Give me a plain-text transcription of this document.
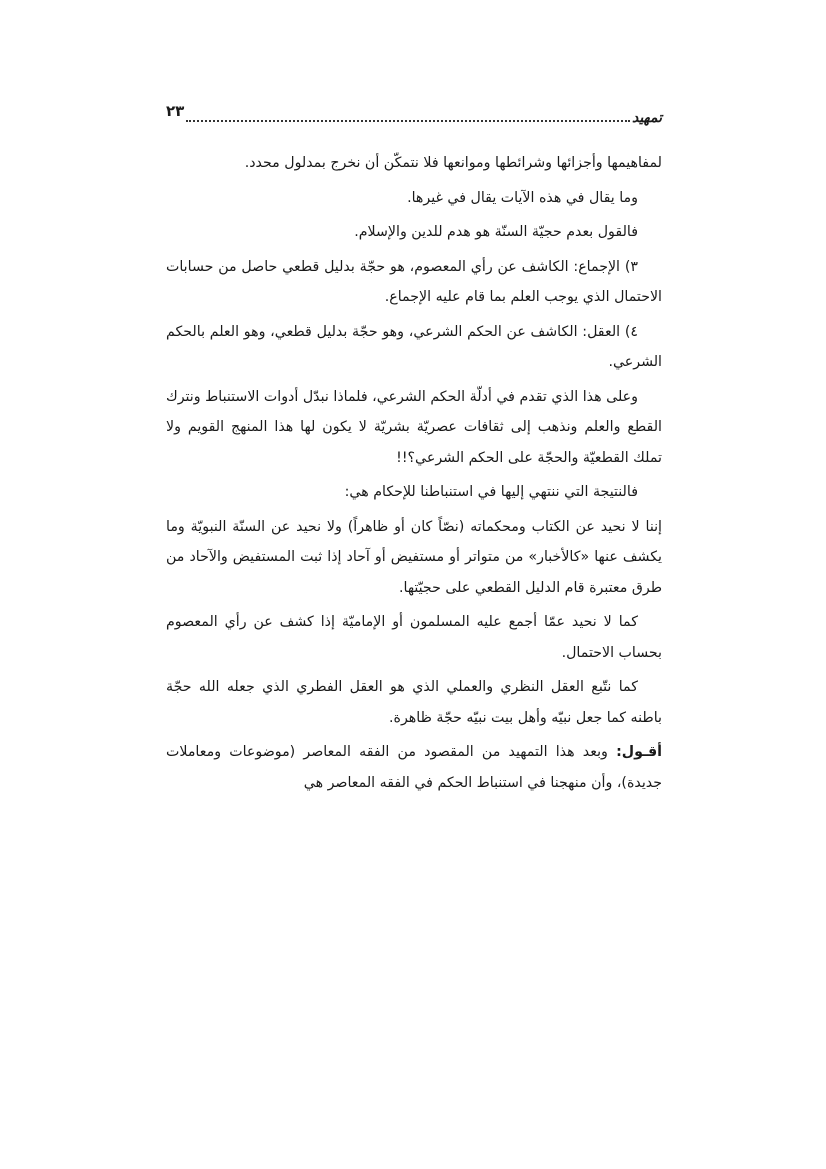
تمهيد
٢٣

لمفاهيمها وأجزائها وشرائطها وموانعها فلا نتمكّن أن نخرج بمدلول محدد.

وما يقال في هذه الآيات يقال في غيرها.

فالقول بعدم حجيّة السنّة هو هدم للدين والإسلام.

٣) الإجماع: الكاشف عن رأي المعصوم، هو حجّة بدليل قطعي حاصل من حسابات الاحتمال الذي يوجب العلم بما قام عليه الإجماع.

٤) العقل: الكاشف عن الحكم الشرعي، وهو حجّة بدليل قطعي، وهو العلم بالحكم الشرعي.

وعلى هذا الذي تقدم في أدلّة الحكم الشرعي، فلماذا نبدّل أدوات الاستنباط ونترك القطع والعلم ونذهب إلى ثقافات عصريّة بشريّة لا يكون لها هذا المنهج القويم ولا تملك القطعيّة والحجّة على الحكم الشرعي؟!!

فالنتيجة التي ننتهي إليها في استنباطنا للإحكام هي:

إننا لا نحيد عن الكتاب ومحكماته (نصّاً كان أو ظاهراً) ولا نحيد عن السنّة النبويّة وما يكشف عنها «كالأخبار» من متواتر أو مستفيض أو آحاد إذا ثبت المستفيض والآحاد من طرق معتبرة قام الدليل القطعي على حجيّتها.

كما لا نحيد عمّا أجمع عليه المسلمون أو الإماميّة إذا كشف عن رأي المعصوم بحساب الاحتمال.

كما نتّبع العقل النظري والعملي الذي هو العقل الفطري الذي جعله الله حجّة باطنه كما جعل نبيّه وأهل بيت نبيّه حجّة ظاهرة.

أقـول: وبعد هذا التمهيد من المقصود من الفقه المعاصر (موضوعات ومعاملات جديدة)، وأن منهجنا في استنباط الحكم في الفقه المعاصر هي
